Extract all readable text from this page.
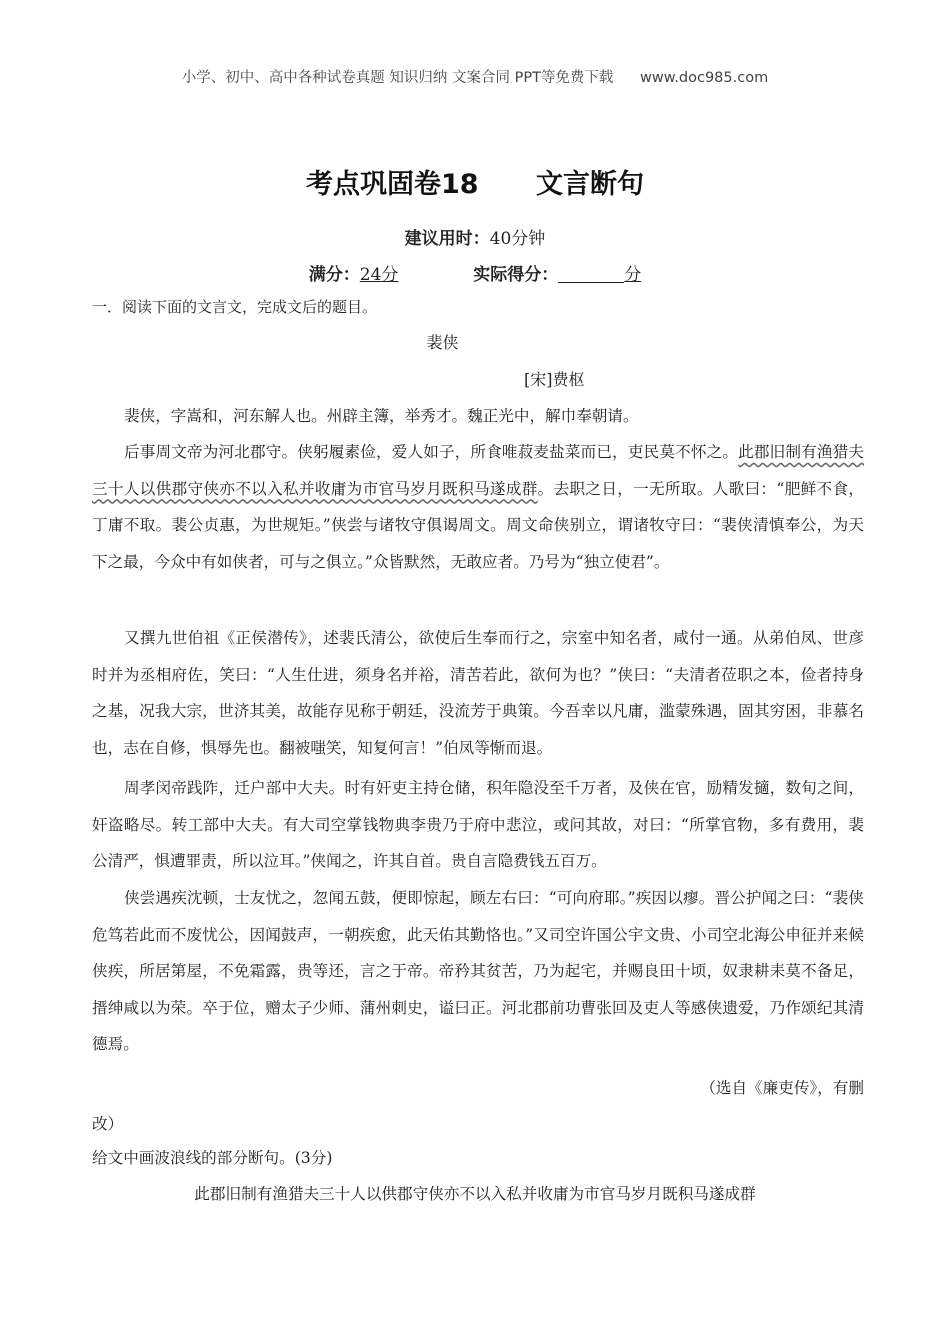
小学、初中、高中各种试卷真题 知识归纳 文案合同 PPT等免费下载 www.doc985.com
考点巩固卷18 文言断句
建议用时：40分钟
满分：24分	实际得分：	分
一．阅读下面的文言文，完成文后的题目。
裴侠
[宋]费枢

裴侠，字嵩和，河东解人也。州辟主簿，举秀才。魏正光中，解巾奉朝请。

后事周文帝为河北郡守。侠躬履素俭，爱人如子，所食唯菽麦盐菜而已，吏民莫不怀之。此郡旧制有渔猎夫三十人以供郡守侠亦不以入私并收庸为市官马岁月既积马遂成群。去职之日，一无所取。人歌曰：“肥鲜不食，丁庸不取。裴公贞惠，为世规矩。”侠尝与诸牧守俱谒周文。周文命侠别立，谓诸牧守曰：“裴侠清慎奉公，为天下之最，今众中有如侠者，可与之俱立。”众皆默然，无敢应者。乃号为“独立使君”。

又撰九世伯祖《正侯潜传》，述裴氏清公，欲使后生奉而行之，宗室中知名者，咸付一通。从弟伯凤、世彦时并为丞相府佐，笑曰：“人生仕进，须身名并裕，清苦若此，欲何为也？”侠曰：“夫清者莅职之本，俭者持身之基，况我大宗，世济其美，故能存见称于朝廷，没流芳于典策。今吾幸以凡庸，滥蒙殊遇，固其穷困，非慕名也，志在自修，惧辱先也。翻被嗤笑，知复何言！”伯凤等惭而退。

周孝闵帝践阼，迁户部中大夫。时有奸吏主持仓储，积年隐没至千万者，及侠在官，励精发擿，数旬之间，奸盗略尽。转工部中大夫。有大司空掌钱物典李贵乃于府中悲泣，或问其故，对曰：“所掌官物，多有费用，裴公清严，惧遭罪责，所以泣耳。”侠闻之，许其自首。贵自言隐费钱五百万。

侠尝遇疾沈顿，士友忧之，忽闻五鼓，便即惊起，顾左右曰：“可向府耶。”疾因以瘳。晋公护闻之曰：“裴侠危笃若此而不废忧公，因闻鼓声，一朝疾愈，此天佑其勤恪也。”又司空许国公宇文贵、小司空北海公申征并来候侠疾，所居第屋，不免霜露，贵等还，言之于帝。帝矜其贫苦，乃为起宅，并赐良田十顷，奴隶耕耒莫不备足，搢绅咸以为荣。卒于位，赠太子少师、蒲州刺史，谥曰正。河北郡前功曹张回及吏人等感侠遗爱，乃作颂纪其清德焉。

（选自《廉吏传》，有删
改）
给文中画波浪线的部分断句。(3分)
此郡旧制有渔猎夫三十人以供郡守侠亦不以入私并收庸为市官马岁月既积马遂成群
